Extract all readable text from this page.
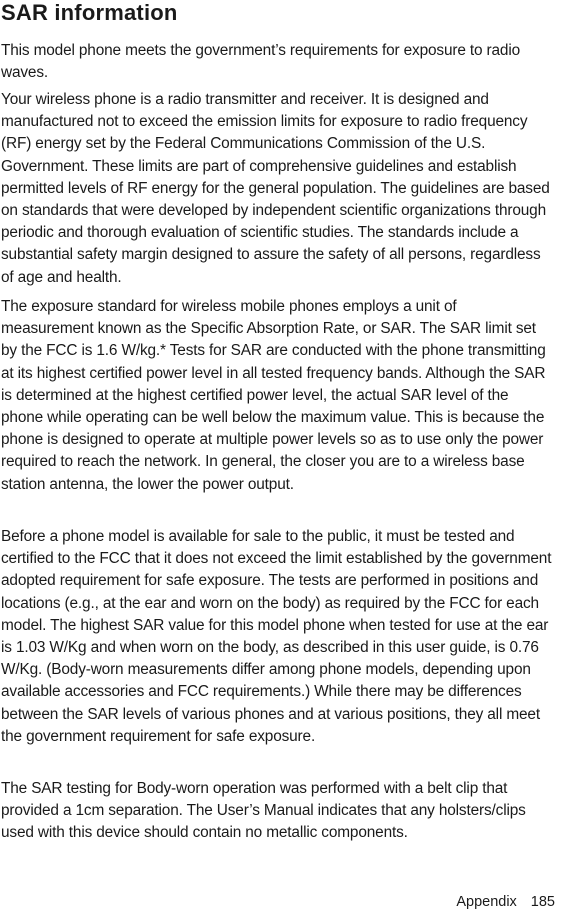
SAR information

This model phone meets the government’s requirements for exposure to radio waves.

Your wireless phone is a radio transmitter and receiver. It is designed and manufactured not to exceed the emission limits for exposure to radio frequency (RF) energy set by the Federal Communications Commission of the U.S. Government. These limits are part of comprehensive guidelines and establish permitted levels of RF energy for the general population. The guidelines are based on standards that were developed by independent scientific organizations through periodic and thorough evaluation of scientific studies. The standards include a substantial safety margin designed to assure the safety of all persons, regardless of age and health.

The exposure standard for wireless mobile phones employs a unit of measurement known as the Specific Absorption Rate, or SAR. The SAR limit set by the FCC is 1.6 W/kg.* Tests for SAR are conducted with the phone transmitting at its highest certified power level in all tested frequency bands. Although the SAR is determined at the highest certified power level, the actual SAR level of the phone while operating can be well below the maximum value. This is because the phone is designed to operate at multiple power levels so as to use only the power required to reach the network. In general, the closer you are to a wireless base station antenna, the lower the power output.

Before a phone model is available for sale to the public, it must be tested and certified to the FCC that it does not exceed the limit established by the government adopted requirement for safe exposure. The tests are performed in positions and locations (e.g., at the ear and worn on the body) as required by the FCC for each model. The highest SAR value for this model phone when tested for use at the ear is 1.03 W/Kg and when worn on the body, as described in this user guide, is 0.76 W/Kg. (Body-worn measurements differ among phone models, depending upon available accessories and FCC requirements.) While there may be differences between the SAR levels of various phones and at various positions, they all meet the government requirement for safe exposure.

The SAR testing for Body-worn operation was performed with a belt clip that provided a 1cm separation. The User’s Manual indicates that any holsters/clips used with this device should contain no metallic components.

Appendix 185
